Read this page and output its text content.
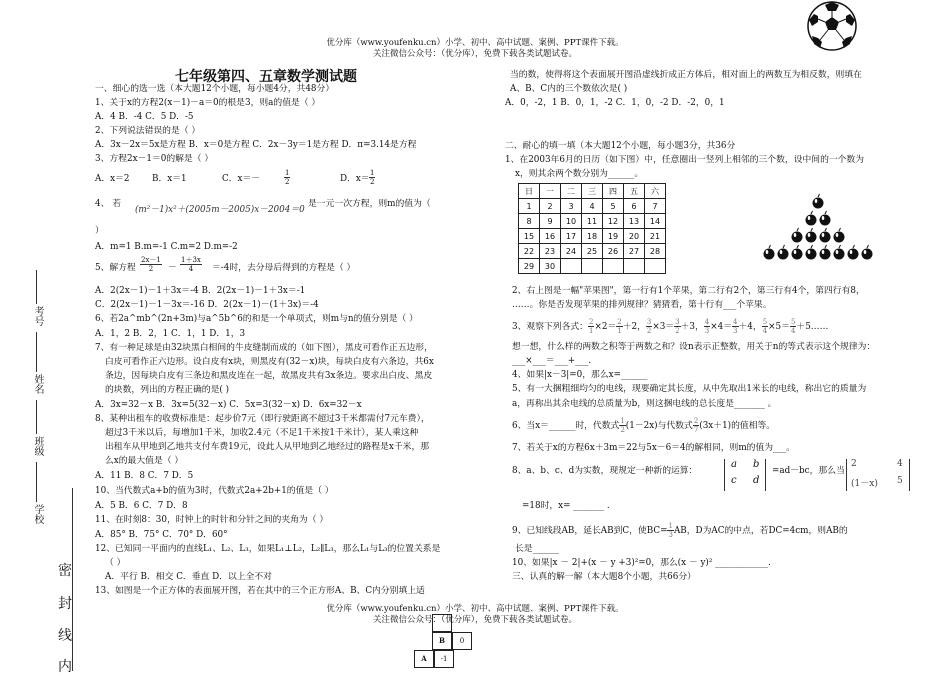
优分库（www.youfenku.cn）小学、初中、高中试题、案例、PPT课件下载。
关注微信公众号：（优分库），免费下载各类试题试卷。
考号
姓名
班级
学校
密
封
线
内
七年级第四、五章数学测试题
一、细心的选一选（本大题12个小题，每小题4分，共48分）
1、关于x的方程2(x－1)－a＝0的根是3，则a的值是（ ）
A．4 B．-4 C．5 D．-5
2、下列说法错误的是（ ）
A．3x－2x＝5x是方程 B．x＝0是方程 C．2x－3y＝1是方程 D．π=3.14是方程
3、方程2x－1＝0的解是（ ）
A．x＝2	B．x＝1	C．x＝－	$\frac{1}{2}$	D．$x= \frac{1}{2}$
4、 若
(m²－1)x²＋(2005m－2005)x－2004＝0
是一元一次方程，则m的值为（
）
A．m=1 B.m=-1 C.m=2 D.m=-2
5、解方程 $\frac{2x-1}{2} - \frac{1+3x}{4} =-4$时，去分母后得到的方程是（ ）
A．2(2x－1)－1＋3x＝-4 B．2(2x－1)－1＋3x＝-1
C．2(2x－1)－1－3x＝-16 D．2(2x－1)－(1＋3x)＝-4
6、若2a^mb^(2n+3m)与a^5b^6的和是一个单项式，则m与n的值分别是（ ）
A．1，2 B．2，1 C．1，1 D．1，3
7、有一种足球是由32块黑白相间的牛皮缝制而成的（如下图），黑皮可看作正五边形，
白皮可看作正六边形。设白皮有x块，则黑皮有(32－x)块，每块白皮有六条边，共6x
条边，因每块白皮有三条边和黑皮连在一起，故黑皮共有3x条边。要求出白皮、黑皮
的块数，列出的方程正确的是( )
A．3x=32－x B．3x=5(32－x) C．5x=3(32－x) D．6x=32－x
8、某种出租车的收费标准是：起步价7元（即行驶距离不超过3千米都需付7元车费），
超过3千米以后，每增加1千米，加收2.4元（不足1千米按1千米计），某人乘这种
出租车从甲地到乙地共支付车费19元，设此人从甲地到乙地经过的路程是x千米，那
么x的最大值是（ ）
A．11 B．8 C．7 D．5
10、当代数式a+b的值为3时，代数式2a+2b+1的值是（ ）
A．5 B．6 C．7 D．8
11、在时刻8：30，时钟上的时针和分针之间的夹角为（ ）
A．85° B．75° C．70° D．60°
12、已知同一平面内的直线L₁、L₂、L₃，如果L₁⊥L₂，L₂∥L₃，那么L₁与L₃的位置关系是
（ ）
A．平行 B．相交 C．垂直 D．以上全不对
13、如图是一个正方体的表面展开图，若在其中的三个正方形A、B、C内分别填上适
B	0
A	-1
当的数，使得将这个表面展开图沿虚线折成正方体后，相对面上的两数互为相反数，则填在
A、B、C内的三个数依次是( )
A．0，-2，1 B．0，1，-2 C．1，0，-2 D．-2，0，1
二、耐心的填一填（本大题12个小题，每小题3分，共36分
1、在2003年6月的日历（如下图）中，任意圈出一竖列上相邻的三个数，设中间的一个数为
x，则其余两个数分别为______。
日	一	二	三	四	五	六
1	2	3	4	5	6	7
8	9	10	11	12	13	14
15	16	17	18	19	20	21
22	23	24	25	26	27	28
29	30					
2、右上图是一幅"苹果图"，第一行有1个苹果，第二行有2个，第三行有4个，第四行有8，
……。你是否发现苹果的排列规律？猜猜看，第十行有___个苹果。
3、观察下列各式： $\frac{2}{1} \times 2= \frac{2}{1} +2$， $\frac{3}{2} \times 3= \frac{3}{2} +3$， $\frac{4}{3} \times 4= \frac{4}{3} +4$， $\frac{5}{4} \times 5= \frac{5}{4}$ ＋5……
想一想，什么样的两数之积等于两数之和？设n表示正整数，用关于n的等式表示这个规律为：
___×___＝___+___.
4、如果|x－3|=0，那么x=______
5、有一大捆粗细均匀的电线，现要确定其长度，从中先取出1米长的电线，称出它的质量为
a，再称出其余电线的总质量为b，则这捆电线的总长度是_______ 。
6、当x＝______时，代数式 $\frac{1}{2} (1-2x)$与代数式 $\frac{2}{7} (3x+1)$的值相等。
7、若关于x的方程6x＋3m＝22与5x－6＝4的解相同，则m的值为___。
8、a、b、c、d为实数，现规定一种新的运算：
a b
c d
=ad－bc，那么当
2	4
(1－x) 5
=18时，x= _______ .
9、已知线段AB，延长AB到C，使$BC= \frac{1}{3}$ AB，D为AC的中点，若DC=4cm，则AB的
长是______
10、如果|x － 2|+(x － y +3)²=0，那么(x － y)² ____________.
三、认真的解一解（本大题8个小题，共66分）
优分库（www.youfenku.cn）小学、初中、高中试题、案例、PPT课件下载。
关注微信公众号：（优分库），免费下载各类试题试卷。
